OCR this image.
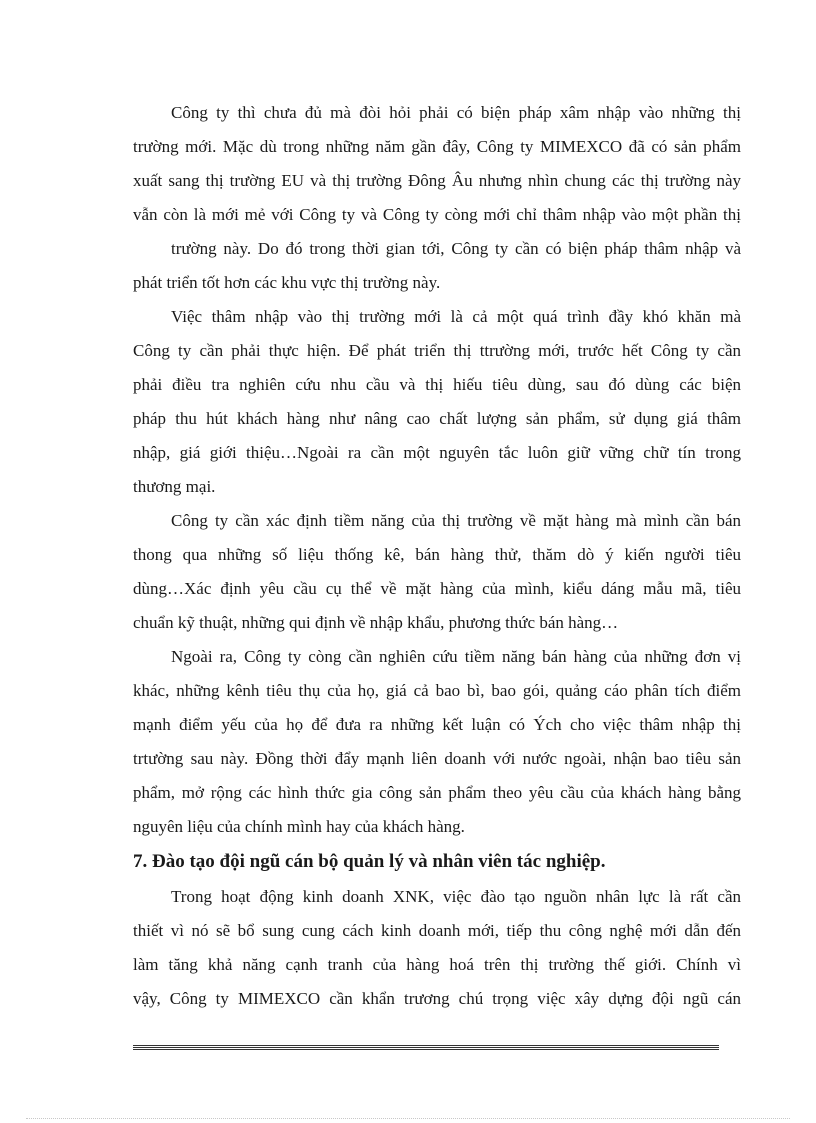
Công ty thì chưa đủ mà đòi hỏi phải có biện pháp xâm nhập vào những thị
trường mới. Mặc dù trong những năm gần đây, Công ty MIMEXCO đã có sản phẩm
xuất sang thị trường EU và thị trường Đông Âu nhưng nhìn chung các thị trường này
vẫn còn là mới mẻ với Công ty và Công ty còng mới chỉ thâm nhập vào một phần thị
trường này. Do đó trong thời gian tới, Công ty cần có biện pháp thâm nhập và
phát triển tốt hơn các khu vực thị trường này.

Việc thâm nhập vào thị trường mới là cả một quá trình đầy khó khăn mà
Công ty cần phải thực hiện. Để phát triển thị ttrường mới, trước hết Công ty cần
phải điều tra nghiên cứu nhu cầu và thị hiếu tiêu dùng, sau đó dùng các biện
pháp thu hút khách hàng như nâng cao chất lượng sản phẩm, sử dụng giá thâm
nhập, giá giới thiệu…Ngoài ra cần một nguyên tắc luôn giữ vững chữ tín trong
thương mại.

Công ty cần xác định tiềm năng của thị trường về mặt hàng mà mình cần bán
thong qua những số liệu thống kê, bán hàng thử, thăm dò ý kiến người tiêu
dùng…Xác định yêu cầu cụ thể về mặt hàng của mình, kiểu dáng mẫu mã, tiêu
chuẩn kỹ thuật, những qui định về nhập khẩu, phương thức bán hàng…

Ngoài ra, Công ty còng cần nghiên cứu tiềm năng bán hàng của những đơn vị
khác, những kênh tiêu thụ của họ, giá cả bao bì, bao gói, quảng cáo phân tích điểm
mạnh điểm yếu của họ để đưa ra những kết luận có Ých cho việc thâm nhập thị
trtường sau này. Đồng thời đẩy mạnh liên doanh với nước ngoài, nhận bao tiêu sản
phẩm, mở rộng các hình thức gia công sản phẩm theo yêu cầu của khách hàng bằng
nguyên liệu của chính mình hay của khách hàng.

7. Đào tạo đội ngũ cán bộ quản lý và nhân viên tác nghiệp.

Trong hoạt động kinh doanh XNK, việc đào tạo nguồn nhân lực là rất cần
thiết vì nó sẽ bổ sung cung cách kinh doanh mới, tiếp thu công nghệ mới dẫn đến
làm tăng khả năng cạnh tranh của hàng hoá trên thị trường thế giới. Chính vì
vậy, Công ty MIMEXCO cần khẩn trương chú trọng việc xây dựng đội ngũ cán
